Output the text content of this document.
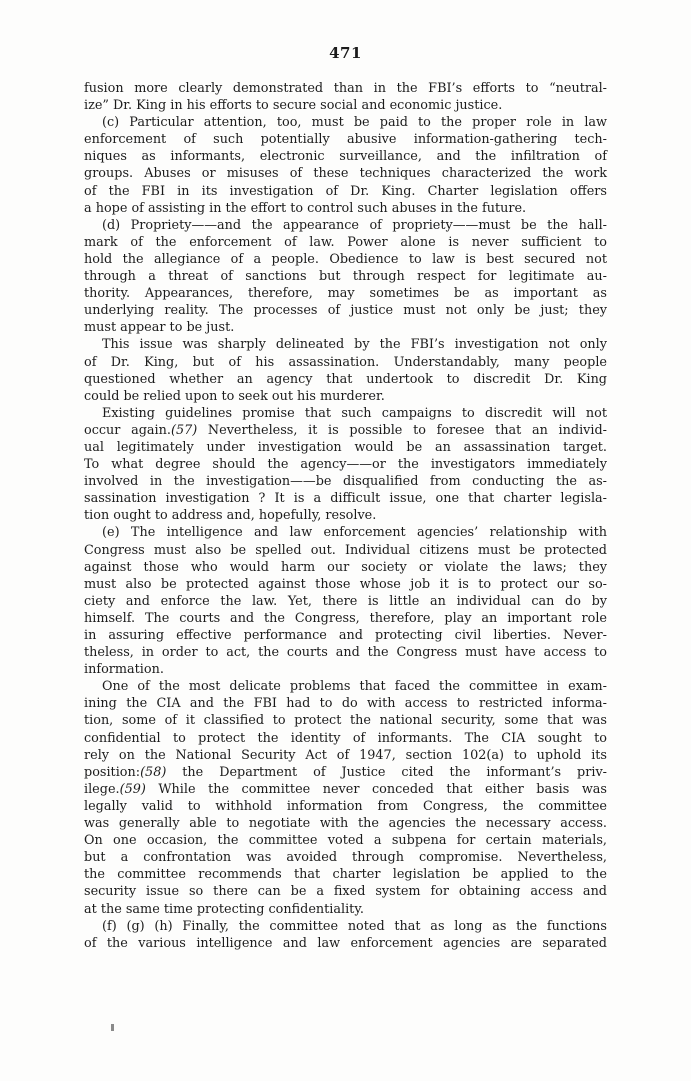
471
fusion more clearly demonstrated than in the FBI’s efforts to “neutral-
ize” Dr. King in his efforts to secure social and economic justice.
(c) Particular attention, too, must be paid to the proper role in law
enforcement of such potentially abusive information-gathering tech-
niques as informants, electronic surveillance, and the infiltration of
groups. Abuses or misuses of these techniques characterized the work
of the FBI in its investigation of Dr. King. Charter legislation offers
a hope of assisting in the effort to control such abuses in the future.
(d) Propriety——and the appearance of propriety——must be the hall-
mark of the enforcement of law. Power alone is never sufficient to
hold the allegiance of a people. Obedience to law is best secured not
through a threat of sanctions but through respect for legitimate au-
thority. Appearances, therefore, may sometimes be as important as
underlying reality. The processes of justice must not only be just; they
must appear to be just.
This issue was sharply delineated by the FBI’s investigation not only
of Dr. King, but of his assassination. Understandably, many people
questioned whether an agency that undertook to discredit Dr. King
could be relied upon to seek out his murderer.
Existing guidelines promise that such campaigns to discredit will not
occur again.(57) Nevertheless, it is possible to foresee that an individ-
ual legitimately under investigation would be an assassination target.
To what degree should the agency——or the investigators immediately
involved in the investigation——be disqualified from conducting the as-
sassination investigation ? It is a difficult issue, one that charter legisla-
tion ought to address and, hopefully, resolve.
(e) The intelligence and law enforcement agencies’ relationship with
Congress must also be spelled out. Individual citizens must be protected
against those who would harm our society or violate the laws; they
must also be protected against those whose job it is to protect our so-
ciety and enforce the law. Yet, there is little an individual can do by
himself. The courts and the Congress, therefore, play an important role
in assuring effective performance and protecting civil liberties. Never-
theless, in order to act, the courts and the Congress must have access to
information.
One of the most delicate problems that faced the committee in exam-
ining the CIA and the FBI had to do with access to restricted informa-
tion, some of it classified to protect the national security, some that was
confidential to protect the identity of informants. The CIA sought to
rely on the National Security Act of 1947, section 102(a) to uphold its
position:(58) the Department of Justice cited the informant’s priv-
ilege.(59) While the committee never conceded that either basis was
legally valid to withhold information from Congress, the committee
was generally able to negotiate with the agencies the necessary access.
On one occasion, the committee voted a subpena for certain materials,
but a confrontation was avoided through compromise. Nevertheless,
the committee recommends that charter legislation be applied to the
security issue so there can be a fixed system for obtaining access and
at the same time protecting confidentiality.
(f) (g) (h) Finally, the committee noted that as long as the functions
of the various intelligence and law enforcement agencies are separated
